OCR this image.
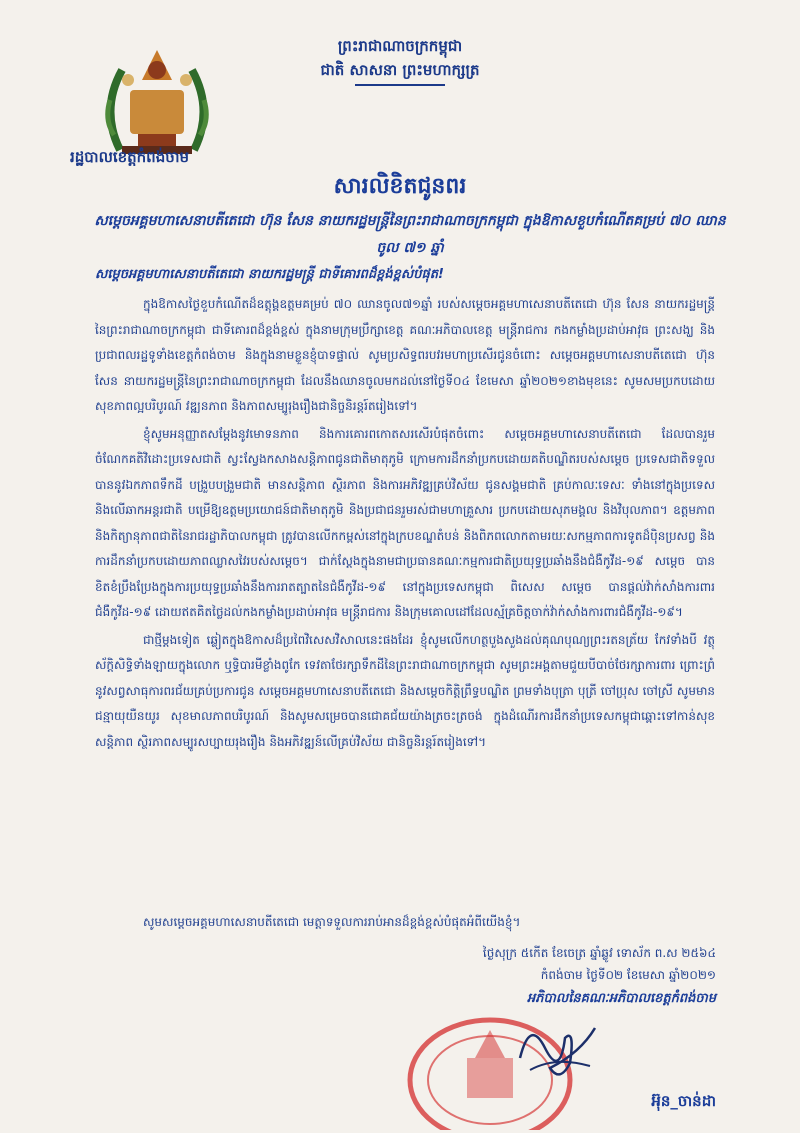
ព្រះរាជាណាចក្រកម្ពុជា
ជាតិ សាសនា ព្រះមហាក្សត្រ
រដ្ឋបាលខេត្តកំពង់ចាម
សារលិខិតជូនពរ
សម្តេចអគ្គមហាសេនាបតីតេជោ ហ៊ុន សែន នាយករដ្ឋមន្ត្រីនៃព្រះរាជាណាចក្រកម្ពុជា ក្នុងឱកាសខួបកំណើតគម្រប់ ៧០ ឈានចូល ៧១ ឆ្នាំ
សម្តេចអគ្គមហាសេនាបតីតេជោ នាយករដ្ឋមន្ត្រី ជាទីគោរពដ៏ខ្ពង់ខ្ពស់បំផុត!

ក្នុងឱកាសថ្ងៃខួបកំណើតដ៏ឧត្តុង្គឧត្តមគម្រប់ ៧០ ឈានចូល៧១ឆ្នាំ របស់សម្តេចអគ្គមហាសេនាបតីតេជោ ហ៊ុន សែន នាយករដ្ឋមន្ត្រីនៃព្រះរាជាណាចក្រកម្ពុជា ជាទីគោរពដ៏ខ្ពង់ខ្ពស់ ក្នុងនាមក្រុមប្រឹក្សាខេត្ត គណៈអភិបាលខេត្ត មន្ត្រីរាជការ កងកម្លាំងប្រដាប់អាវុធ ព្រះសង្ឃ និងប្រជាពលរដ្ឋទូទាំងខេត្តកំពង់ចាម និងក្នុងនាមខ្លួនខ្ញុំបាទផ្ទាល់ សូមប្រសិទ្ធពរបវរមហាប្រសើរជូនចំពោះ សម្តេចអគ្គមហាសេនាបតីតេជោ ហ៊ុន សែន នាយករដ្ឋមន្ត្រីនៃព្រះរាជាណាចក្រកម្ពុជា ដែលនឹងឈានចូលមកដល់នៅថ្ងៃទី០៤ ខែមេសា ឆ្នាំ២០២១ខាងមុខនេះ សូមសមប្រកបដោយសុខភាពល្អបរិបូរណ៍ វឌ្ឍនភាព និងភាពសម្បូរុងរឿងជានិច្ចនិរន្តរ៍តរៀងទៅ។

ខ្ញុំសូមអនុញ្ញាតសម្តែងនូវមោទនភាព និងការគោរពកោតសរសើរបំផុតចំពោះ សម្តេចអគ្គមហាសេនាបតីតេជោ ដែលបានរួមចំណែកគតិវិដោះប្រទេសជាតិ ស្វះស្វែងកសាងសន្តិភាពជូនជាតិមាតុភូមិ ក្រោមការដឹកនាំប្រកបដោយគតិបណ្ឌិតរបស់សម្តេច ប្រទេសជាតិទទួលបាននូវឯកភាពទឹកដី បង្រួបបង្រួមជាតិ មានសន្តិភាព ស្ថិរភាព និងការអភិវឌ្ឍគ្រប់វិស័យ ជូនសង្គមជាតិ គ្រប់កាលៈទេសៈ ទាំងនៅក្នុងប្រទេស និងលើឆាកអន្តរជាតិ បម្រើឱ្យឧត្តមប្រយោជន៍ជាតិមាតុភូមិ និងប្រជាជនរួមរស់ជាមហាគ្រួសារ ប្រកបដោយសុភមង្គល និងវិបុលភាព។ ឧត្តមភាព និងកិត្យានុភាពជាតិនៃរាជរដ្ឋាភិបាលកម្ពុជា ត្រូវបានលើកកម្ពស់នៅក្នុងក្របខណ្ឌតំបន់ និងពិភពលោកតាមរយៈសកម្មភាពការទូតដ៏ប៉ិនប្រសព្វ និងការដឹកនាំប្រកបដោយភាពឈ្លាសវៃរបស់សម្តេច។ ជាក់ស្តែងក្នុងនាមជាប្រធានគណៈកម្មការជាតិប្រយុទ្ធប្រឆាំងនឹងជំងឺកូវីដ-១៩ សម្តេច បានខិតខំប្រឹងប្រែងក្នុងការប្រយុទ្ធប្រឆាំងនឹងការរាតត្បាតនៃជំងឺកូវីដ-១៩ នៅក្នុងប្រទេសកម្ពុជា ពិសេស សម្តេច បានផ្តល់វ៉ាក់សាំងការពារជំងឺកូវីដ-១៩ ដោយឥតគិតថ្លៃដល់កងកម្លាំងប្រដាប់អាវុធ មន្ត្រីរាជការ និងក្រុមគោលដៅដែលស្ម័គ្រចិត្តចាក់វ៉ាក់សាំងការពារជំងឺកូវីដ-១៩។

ជាថ្មីម្តងទៀត ឆ្លៀតក្នុងឱកាសដ៏ប្រពៃវិសេសវិសាលនេះផងដែរ ខ្ញុំសូមលើកហត្ថបួងសួងដល់គុណបុណ្យព្រះរតនត្រ័យ កែវទាំងបី វត្ថុស័ក្តិសិទ្ធិទាំងឡាយក្នុងលោក ឬទ្ធិបារមីខ្លាំងពូកែ ទេវតាថែរក្សាទឹកដីនៃព្រះរាជាណាចក្រកម្ពុជា សូមព្រះអង្គតាមជួយបីបាច់ថែរក្សាការពារ ព្រោះព្រំនូវសព្វសាធុការពរជ័យគ្រប់ប្រការជូន សម្តេចអគ្គមហាសេនាបតីតេជោ និងសម្តេចកិត្តិព្រឹទ្ធបណ្ឌិត ព្រមទាំងបុត្រា បុត្រី ចៅប្រុស ចៅស្រី សូមមានជន្មាយុយឺនយូរ សុខមាលភាពបរិបូរណ៍ និងសូមសម្រេចបានជោគជ័យយ៉ាងត្រចះត្រចង់ ក្នុងដំណើរការដឹកនាំប្រទេសកម្ពុជាឆ្ពោះទៅកាន់សុខសន្តិភាព ស្ថិរភាពសម្បូរសប្បាយរុងរឿង និងអភិវឌ្ឍន៍លើគ្រប់វិស័យ ជានិច្ចនិរន្តរ៍តរៀងទៅ។

សូមសម្តេចអគ្គមហាសេនាបតីតេជោ មេត្តាទទួលការរាប់អានដ៏ខ្ពង់ខ្ពស់បំផុតអំពីយើងខ្ញុំ។
ថ្ងៃសុក្រ ៥កើត ខែចេត្រ ឆ្នាំឆ្លូវ ទោស័ក ព.ស ២៥៦៤
កំពង់ចាម ថ្ងៃទី០២ ខែមេសា ឆ្នាំ២០២១
អភិបាលនៃគណៈអភិបាលខេត្តកំពង់ចាម
អ៊ុន_ចាន់ដា
